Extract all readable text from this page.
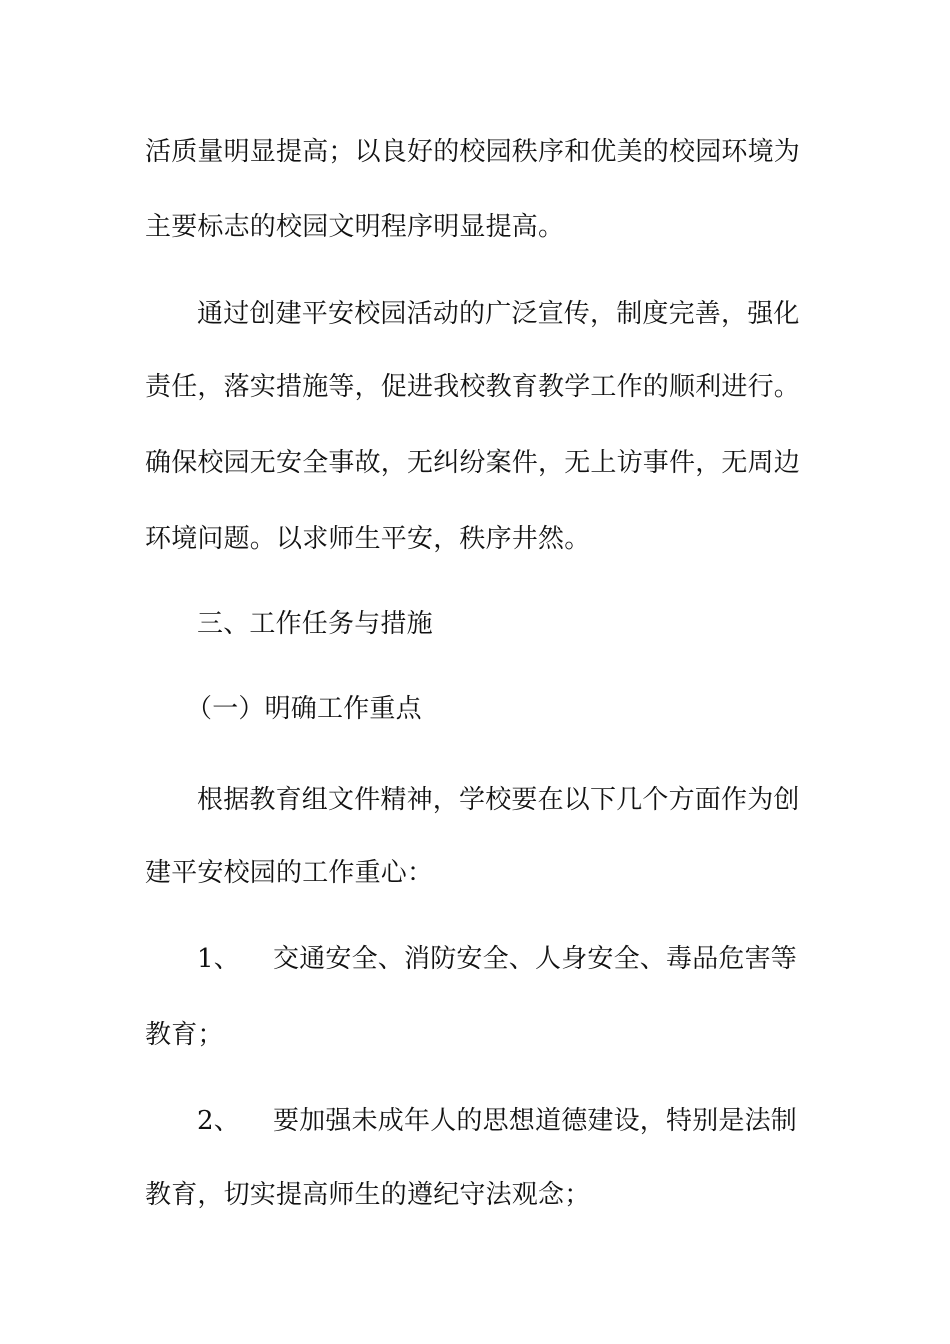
活质量明显提高；以良好的校园秩序和优美的校园环境为
主要标志的校园文明程序明显提高。
通过创建平安校园活动的广泛宣传，制度完善，强化
责任，落实措施等，促进我校教育教学工作的顺利进行。
确保校园无安全事故，无纠纷案件，无上访事件，无周边
环境问题。以求师生平安，秩序井然。
三、工作任务与措施
（一）明确工作重点
根据教育组文件精神，学校要在以下几个方面作为创
建平安校园的工作重心：
1、 交通安全、消防安全、人身安全、毒品危害等
教育；
2、 要加强未成年人的思想道德建设，特别是法制
教育，切实提高师生的遵纪守法观念；
